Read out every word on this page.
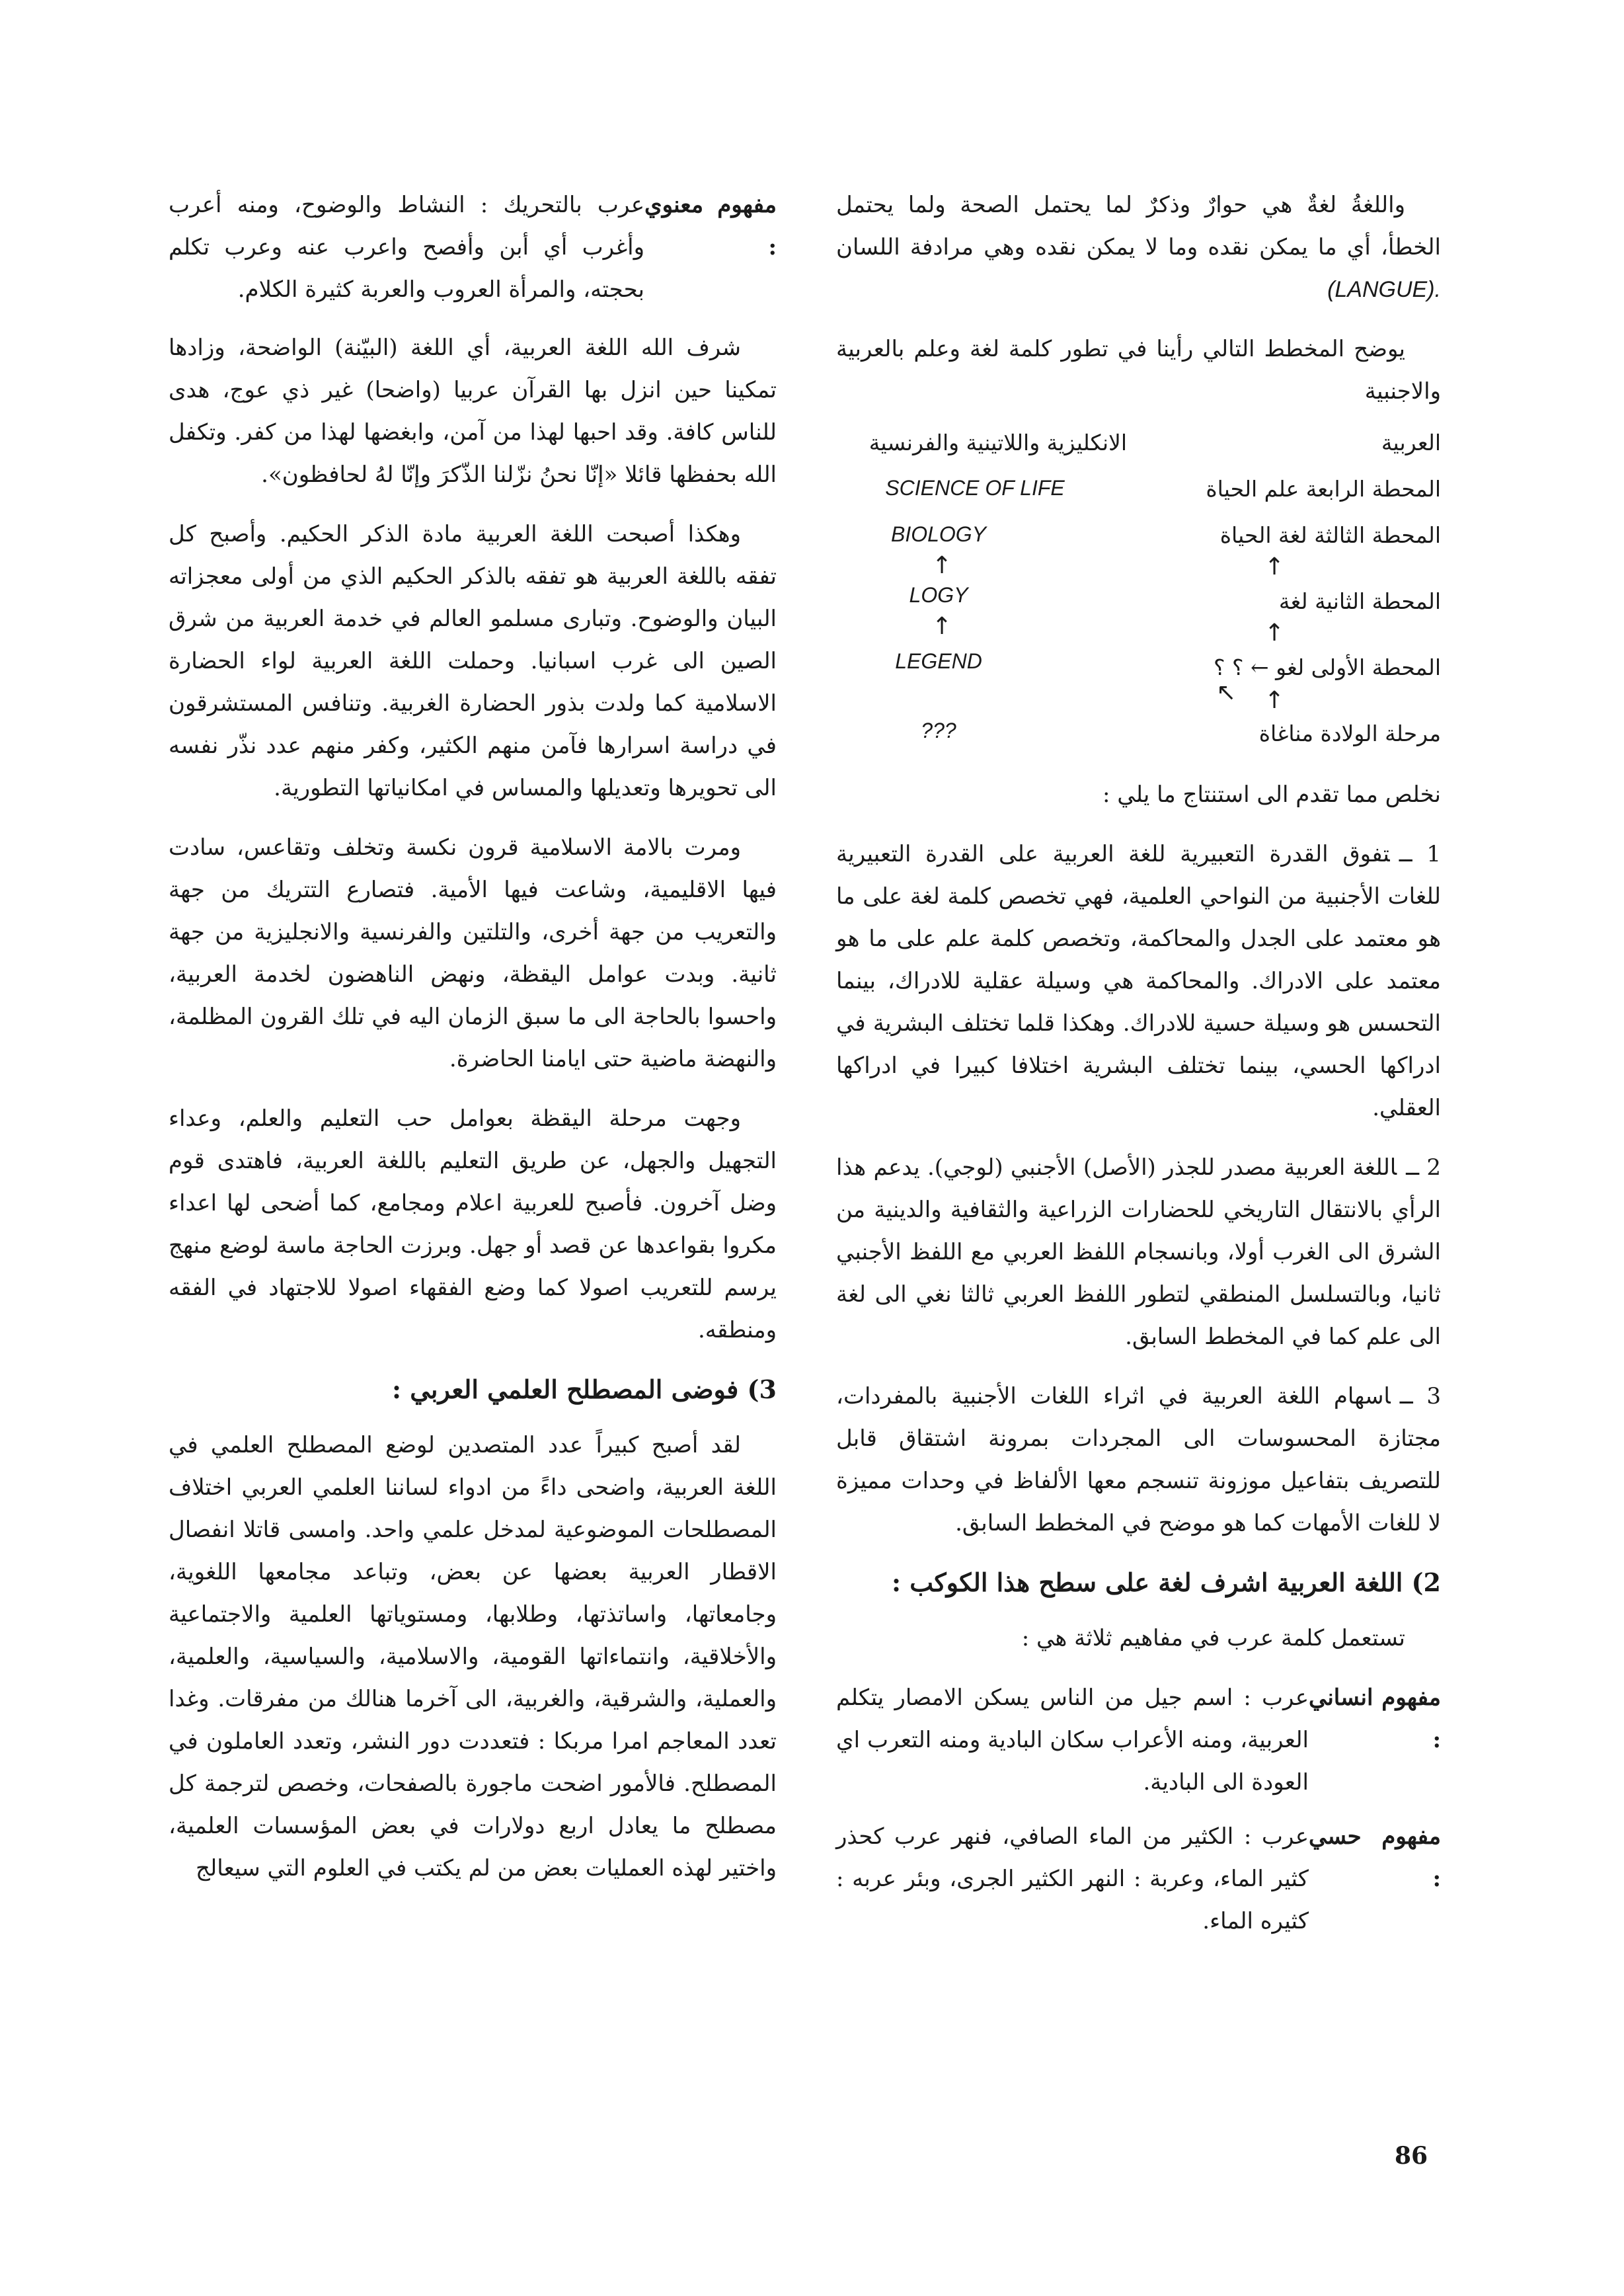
واللغةُ لغةٌ هي حوارٌ وذكرٌ لما يحتمل الصحة ولما يحتمل الخطأ، أي ما يمكن نقده وما لا يمكن نقده وهي مرادفة اللسان (LANGUE).

يوضح المخطط التالي رأينا في تطور كلمة لغة وعلم بالعربية والاجنبية

العربية
المحطة الرابعة علم الحياة
المحطة الثالثة لغة الحياة
↑
المحطة الثانية لغة
↑
المحطة الأولى لغو ← ؟ ؟
↑
↖
مرحلة الولادة مناغاة
الانكليزية واللاتينية والفرنسية
SCIENCE OF LIFE
BIOLOGY
↑
LOGY
↑
LEGEND
???

نخلص مما تقدم الى استنتاج ما يلي :

1 ــتفوق القدرة التعبيرية للغة العربية على القدرة التعبيرية للغات الأجنبية من النواحي العلمية، فهي تخصص كلمة لغة على ما هو معتمد على الجدل والمحاكمة، وتخصص كلمة علم على ما هو معتمد على الادراك. والمحاكمة هي وسيلة عقلية للادراك، بينما التحسس هو وسيلة حسية للادراك. وهكذا قلما تختلف البشرية في ادراكها الحسي، بينما تختلف البشرية اختلافا كبيرا في ادراكها العقلي.

2 ــاللغة العربية مصدر للجذر (الأصل) الأجنبي (لوجي). يدعم هذا الرأي بالانتقال التاريخي للحضارات الزراعية والثقافية والدينية من الشرق الى الغرب أولا، وبانسجام اللفظ العربي مع اللفظ الأجنبي ثانيا، وبالتسلسل المنطقي لتطور اللفظ العربي ثالثا نغي الى لغة الى علم كما في المخطط السابق.

3 ــاسهام اللغة العربية في اثراء اللغات الأجنبية بالمفردات، مجتازة المحسوسات الى المجردات بمرونة اشتقاق قابل للتصريف بتفاعيل موزونة تنسجم معها الألفاظ في وحدات مميزة لا للغات الأمهات كما هو موضح في المخطط السابق.

2) اللغة العربية اشرف لغة على سطح هذا الكوكب :

تستعمل كلمة عرب في مفاهيم ثلاثة هي :

مفهوم انساني :
عرب : اسم جيل من الناس يسكن الامصار يتكلم العربية، ومنه الأعراب سكان البادية ومنه التعرب اي العودة الى البادية.
مفهوم حسي :
عرب : الكثير من الماء الصافي، فنهر عرب كحذر كثير الماء، وعربة : النهر الكثير الجرى، وبئر عربه : كثيره الماء.
مفهوم معنوي :
عرب بالتحريك : النشاط والوضوح، ومنه أعرب وأغرب أي أبن وأفصح واعرب عنه وعرب تكلم بحجته، والمرأة العروب والعربة كثيرة الكلام.

شرف الله اللغة العربية، أي اللغة (البيّنة) الواضحة، وزادها تمكينا حين انزل بها القرآن عربيا (واضحا) غير ذي عوج، هدى للناس كافة. وقد احبها لهذا من آمن، وابغضها لهذا من كفر. وتكفل الله بحفظها قائلا «إنّا نحنُ نزّلنا الذّكرَ وإنّا لهُ لحافظون».

وهكذا أصبحت اللغة العربية مادة الذكر الحكيم. وأصبح كل تفقه باللغة العربية هو تفقه بالذكر الحكيم الذي من أولى معجزاته البيان والوضوح. وتبارى مسلمو العالم في خدمة العربية من شرق الصين الى غرب اسبانيا. وحملت اللغة العربية لواء الحضارة الاسلامية كما ولدت بذور الحضارة الغربية. وتنافس المستشرقون في دراسة اسرارها فآمن منهم الكثير، وكفر منهم عدد نذّر نفسه الى تحويرها وتعديلها والمساس في امكانياتها التطورية.

ومرت بالامة الاسلامية قرون نكسة وتخلف وتقاعس، سادت فيها الاقليمية، وشاعت فيها الأمية. فتصارع التتريك من جهة والتعريب من جهة أخرى، والتلتين والفرنسية والانجليزية من جهة ثانية. وبدت عوامل اليقظة، ونهض الناهضون لخدمة العربية، واحسوا بالحاجة الى ما سبق الزمان اليه في تلك القرون المظلمة، والنهضة ماضية حتى ايامنا الحاضرة.

وجهت مرحلة اليقظة بعوامل حب التعليم والعلم، وعداء التجهيل والجهل، عن طريق التعليم باللغة العربية، فاهتدى قوم وضل آخرون. فأصبح للعربية اعلام ومجامع، كما أضحى لها اعداء مكروا بقواعدها عن قصد أو جهل. وبرزت الحاجة ماسة لوضع منهج يرسم للتعريب اصولا كما وضع الفقهاء اصولا للاجتهاد في الفقه ومنطقه.

3) فوضى المصطلح العلمي العربي :

لقد أصبح كبيراً عدد المتصدين لوضع المصطلح العلمي في اللغة العربية، واضحى داءً من ادواء لساننا العلمي العربي اختلاف المصطلحات الموضوعية لمدخل علمي واحد. وامسى قاتلا انفصال الاقطار العربية بعضها عن بعض، وتباعد مجامعها اللغوية، وجامعاتها، واساتذتها، وطلابها، ومستوياتها العلمية والاجتماعية والأخلاقية، وانتماءاتها القومية، والاسلامية، والسياسية، والعلمية، والعملية، والشرقية، والغربية، الى آخرما هنالك من مفرقات. وغدا تعدد المعاجم امرا مربكا : فتعددت دور النشر، وتعدد العاملون في المصطلح. فالأمور اضحت ماجورة بالصفحات، وخصص لترجمة كل مصطلح ما يعادل اربع دولارات في بعض المؤسسات العلمية، واختير لهذه العمليات بعض من لم يكتب في العلوم التي سيعالج

86
